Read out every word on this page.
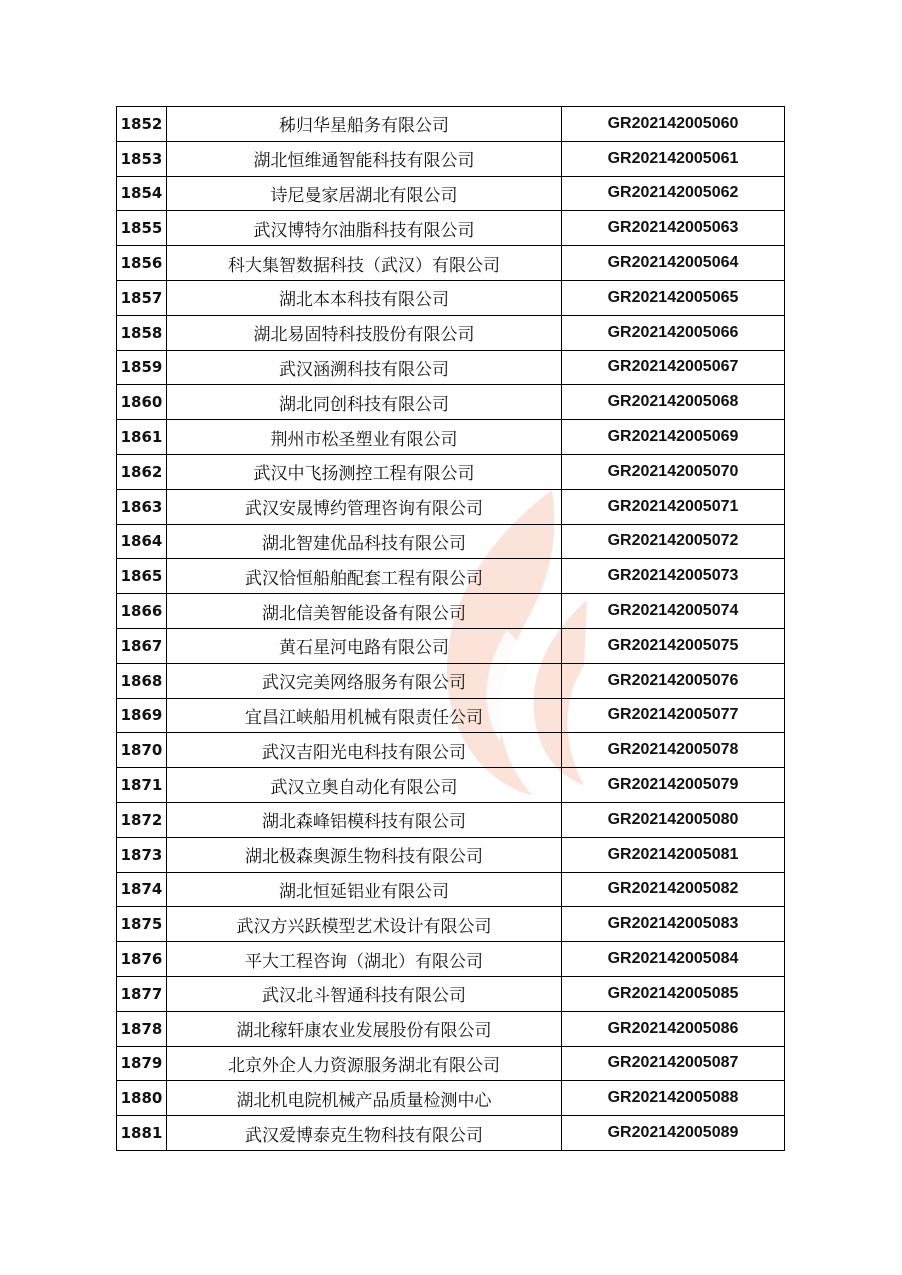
1852	秭归华星船务有限公司	GR202142005060
1853	湖北恒维通智能科技有限公司	GR202142005061
1854	诗尼曼家居湖北有限公司	GR202142005062
1855	武汉博特尔油脂科技有限公司	GR202142005063
1856	科大集智数据科技（武汉）有限公司	GR202142005064
1857	湖北本本科技有限公司	GR202142005065
1858	湖北易固特科技股份有限公司	GR202142005066
1859	武汉涵溯科技有限公司	GR202142005067
1860	湖北同创科技有限公司	GR202142005068
1861	荆州市松圣塑业有限公司	GR202142005069
1862	武汉中飞扬测控工程有限公司	GR202142005070
1863	武汉安晟博约管理咨询有限公司	GR202142005071
1864	湖北智建优品科技有限公司	GR202142005072
1865	武汉恰恒船舶配套工程有限公司	GR202142005073
1866	湖北信美智能设备有限公司	GR202142005074
1867	黄石星河电路有限公司	GR202142005075
1868	武汉完美网络服务有限公司	GR202142005076
1869	宜昌江峡船用机械有限责任公司	GR202142005077
1870	武汉吉阳光电科技有限公司	GR202142005078
1871	武汉立奥自动化有限公司	GR202142005079
1872	湖北森峰铝模科技有限公司	GR202142005080
1873	湖北极森奥源生物科技有限公司	GR202142005081
1874	湖北恒延铝业有限公司	GR202142005082
1875	武汉方兴跃模型艺术设计有限公司	GR202142005083
1876	平大工程咨询（湖北）有限公司	GR202142005084
1877	武汉北斗智通科技有限公司	GR202142005085
1878	湖北稼轩康农业发展股份有限公司	GR202142005086
1879	北京外企人力资源服务湖北有限公司	GR202142005087
1880	湖北机电院机械产品质量检测中心	GR202142005088
1881	武汉爱博泰克生物科技有限公司	GR202142005089
